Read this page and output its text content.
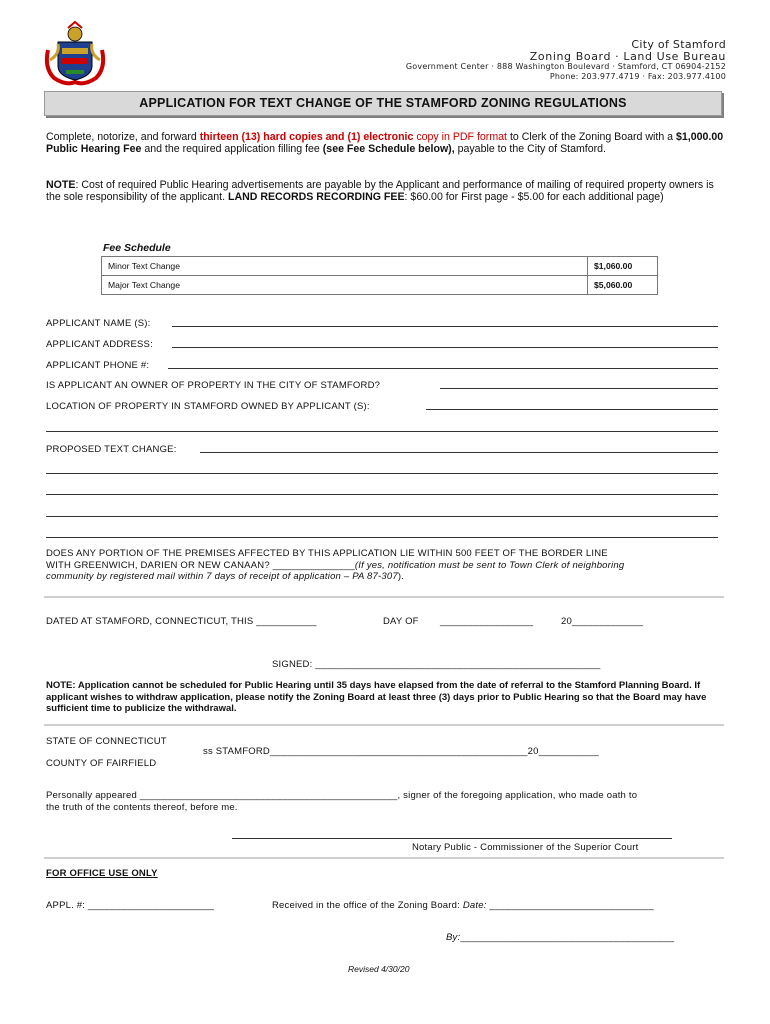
City of Stamford
Zoning Board · Land Use Bureau
Government Center · 888 Washington Boulevard · Stamford, CT 06904-2152
Phone: 203.977.4719 · Fax: 203.977.4100
APPLICATION FOR TEXT CHANGE OF THE STAMFORD ZONING REGULATIONS
Complete, notorize, and forward thirteen (13) hard copies and (1) electronic copy in PDF format to Clerk of the Zoning Board with a $1,000.00 Public Hearing Fee and the required application filling fee (see Fee Schedule below), payable to the City of Stamford.
NOTE: Cost of required Public Hearing advertisements are payable by the Applicant and performance of mailing of required property owners is the sole responsibility of the applicant. LAND RECORDS RECORDING FEE: $60.00 for First page - $5.00 for each additional page)
Fee Schedule
Minor Text Change	$1,060.00
Major Text Change	$5,060.00
APPLICANT NAME (S):
APPLICANT ADDRESS:
APPLICANT PHONE #:
IS APPLICANT AN OWNER OF PROPERTY IN THE CITY OF STAMFORD?
LOCATION OF PROPERTY IN STAMFORD OWNED BY APPLICANT (S):
PROPOSED TEXT CHANGE:
DOES ANY PORTION OF THE PREMISES AFFECTED BY THIS APPLICATION LIE WITHIN 500 FEET OF THE BORDER LINE
WITH GREENWICH, DARIEN OR NEW CANAAN? _______________(If yes, notification must be sent to Town Clerk of neighboring
community by registered mail within 7 days of receipt of application – PA 87-307).
DATED AT STAMFORD, CONNECTICUT, THIS ___________	DAY OF _________________	20_____________
SIGNED: ____________________________________________________
NOTE: Application cannot be scheduled for Public Hearing until 35 days have elapsed from the date of referral to the Stamford Planning Board. If applicant wishes to withdraw application, please notify the Zoning Board at least three (3) days prior to Public Hearing so that the Board may have sufficient time to publicize the withdrawal.
STATE OF CONNECTICUT
ss STAMFORD_______________________________________________20___________
COUNTY OF FAIRFIELD
Personally appeared _______________________________________________, signer of the foregoing application, who made oath to
the truth of the contents thereof, before me.
Notary Public - Commissioner of the Superior Court
FOR OFFICE USE ONLY
APPL. #: _______________________	Received in the office of the Zoning Board: Date: ______________________________
By:_______________________________________
Revised 4/30/20
